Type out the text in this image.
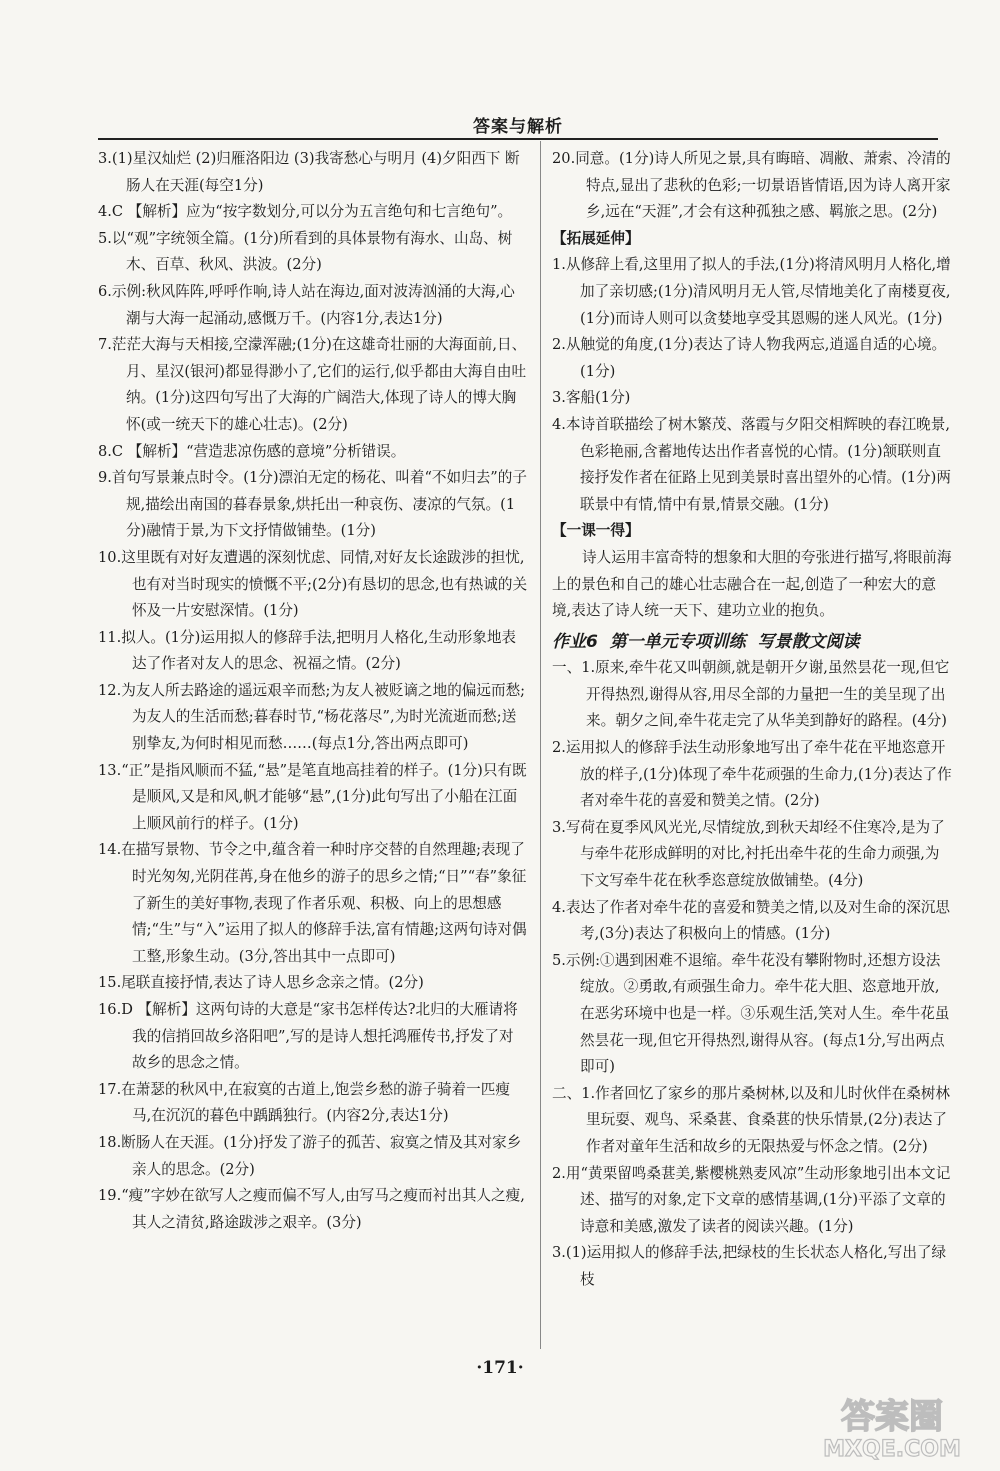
答案与解析

3.(1)星汉灿烂 (2)归雁洛阳边 (3)我寄愁心与明月 (4)夕阳西下 断肠人在天涯(每空1分)

4.C 【解析】应为“按字数划分,可以分为五言绝句和七言绝句”。

5.以“观”字统领全篇。(1分)所看到的具体景物有海水、山岛、树木、百草、秋风、洪波。(2分)

6.示例:秋风阵阵,呼呼作响,诗人站在海边,面对波涛汹涌的大海,心潮与大海一起涌动,感慨万千。(内容1分,表达1分)

7.茫茫大海与天相接,空濛浑融;(1分)在这雄奇壮丽的大海面前,日、月、星汉(银河)都显得渺小了,它们的运行,似乎都由大海自由吐纳。(1分)这四句写出了大海的广阔浩大,体现了诗人的博大胸怀(或一统天下的雄心壮志)。(2分)

8.C 【解析】“营造悲凉伤感的意境”分析错误。

9.首句写景兼点时令。(1分)漂泊无定的杨花、叫着“不如归去”的子规,描绘出南国的暮春景象,烘托出一种哀伤、凄凉的气氛。(1分)融情于景,为下文抒情做铺垫。(1分)

10.这里既有对好友遭遇的深刻忧虑、同情,对好友长途跋涉的担忧,也有对当时现实的愤慨不平;(2分)有恳切的思念,也有热诚的关怀及一片安慰深情。(1分)

11.拟人。(1分)运用拟人的修辞手法,把明月人格化,生动形象地表达了作者对友人的思念、祝福之情。(2分)

12.为友人所去路途的遥远艰辛而愁;为友人被贬谪之地的偏远而愁;为友人的生活而愁;暮春时节,“杨花落尽”,为时光流逝而愁;送别挚友,为何时相见而愁……(每点1分,答出两点即可)

13.“正”是指风顺而不猛,“悬”是笔直地高挂着的样子。(1分)只有既是顺风,又是和风,帆才能够“悬”,(1分)此句写出了小船在江面上顺风前行的样子。(1分)

14.在描写景物、节令之中,蕴含着一种时序交替的自然理趣;表现了时光匆匆,光阴荏苒,身在他乡的游子的思乡之情;“日”“春”象征了新生的美好事物,表现了作者乐观、积极、向上的思想感情;“生”与“入”运用了拟人的修辞手法,富有情趣;这两句诗对偶工整,形象生动。(3分,答出其中一点即可)

15.尾联直接抒情,表达了诗人思乡念亲之情。(2分)

16.D 【解析】这两句诗的大意是“家书怎样传达?北归的大雁请将我的信捎回故乡洛阳吧”,写的是诗人想托鸿雁传书,抒发了对故乡的思念之情。

17.在萧瑟的秋风中,在寂寞的古道上,饱尝乡愁的游子骑着一匹瘦马,在沉沉的暮色中踽踽独行。(内容2分,表达1分)

18.断肠人在天涯。(1分)抒发了游子的孤苦、寂寞之情及其对家乡亲人的思念。(2分)

19.“瘦”字妙在欲写人之瘦而偏不写人,由写马之瘦而衬出其人之瘦,其人之清贫,路途跋涉之艰辛。(3分)

20.同意。(1分)诗人所见之景,具有晦暗、凋敝、萧索、冷清的特点,显出了悲秋的色彩;一切景语皆情语,因为诗人离开家乡,远在“天涯”,才会有这种孤独之感、羁旅之思。(2分)

【拓展延伸】

1.从修辞上看,这里用了拟人的手法,(1分)将清风明月人格化,增加了亲切感;(1分)清风明月无人管,尽情地美化了南楼夏夜,(1分)而诗人则可以贪婪地享受其恩赐的迷人风光。(1分)

2.从触觉的角度,(1分)表达了诗人物我两忘,逍遥自适的心境。(1分)

3.客船(1分)

4.本诗首联描绘了树木繁茂、落霞与夕阳交相辉映的春江晚景,色彩艳丽,含蓄地传达出作者喜悦的心情。(1分)颔联则直接抒发作者在征路上见到美景时喜出望外的心情。(1分)两联景中有情,情中有景,情景交融。(1分)

【一课一得】

诗人运用丰富奇特的想象和大胆的夸张进行描写,将眼前海上的景色和自己的雄心壮志融合在一起,创造了一种宏大的意境,表达了诗人统一天下、建功立业的抱负。

作业6  第一单元专项训练  写景散文阅读

一、1.原来,牵牛花又叫朝颜,就是朝开夕谢,虽然昙花一现,但它开得热烈,谢得从容,用尽全部的力量把一生的美呈现了出来。朝夕之间,牵牛花走完了从华美到静好的路程。(4分)

2.运用拟人的修辞手法生动形象地写出了牵牛花在平地恣意开放的样子,(1分)体现了牵牛花顽强的生命力,(1分)表达了作者对牵牛花的喜爱和赞美之情。(2分)

3.写荷在夏季风风光光,尽情绽放,到秋天却经不住寒冷,是为了与牵牛花形成鲜明的对比,衬托出牵牛花的生命力顽强,为下文写牵牛花在秋季恣意绽放做铺垫。(4分)

4.表达了作者对牵牛花的喜爱和赞美之情,以及对生命的深沉思考,(3分)表达了积极向上的情感。(1分)

5.示例:①遇到困难不退缩。牵牛花没有攀附物时,还想方设法绽放。②勇敢,有顽强生命力。牵牛花大胆、恣意地开放,在恶劣环境中也是一样。③乐观生活,笑对人生。牵牛花虽然昙花一现,但它开得热烈,谢得从容。(每点1分,写出两点即可)

二、1.作者回忆了家乡的那片桑树林,以及和儿时伙伴在桑树林里玩耍、观鸟、采桑葚、食桑葚的快乐情景,(2分)表达了作者对童年生活和故乡的无限热爱与怀念之情。(2分)

2.用“黄栗留鸣桑葚美,紫樱桃熟麦风凉”生动形象地引出本文记述、描写的对象,定下文章的感情基调,(1分)平添了文章的诗意和美感,激发了读者的阅读兴趣。(1分)

3.(1)运用拟人的修辞手法,把绿枝的生长状态人格化,写出了绿枝

·171·
答案圈
MXQE.COM
